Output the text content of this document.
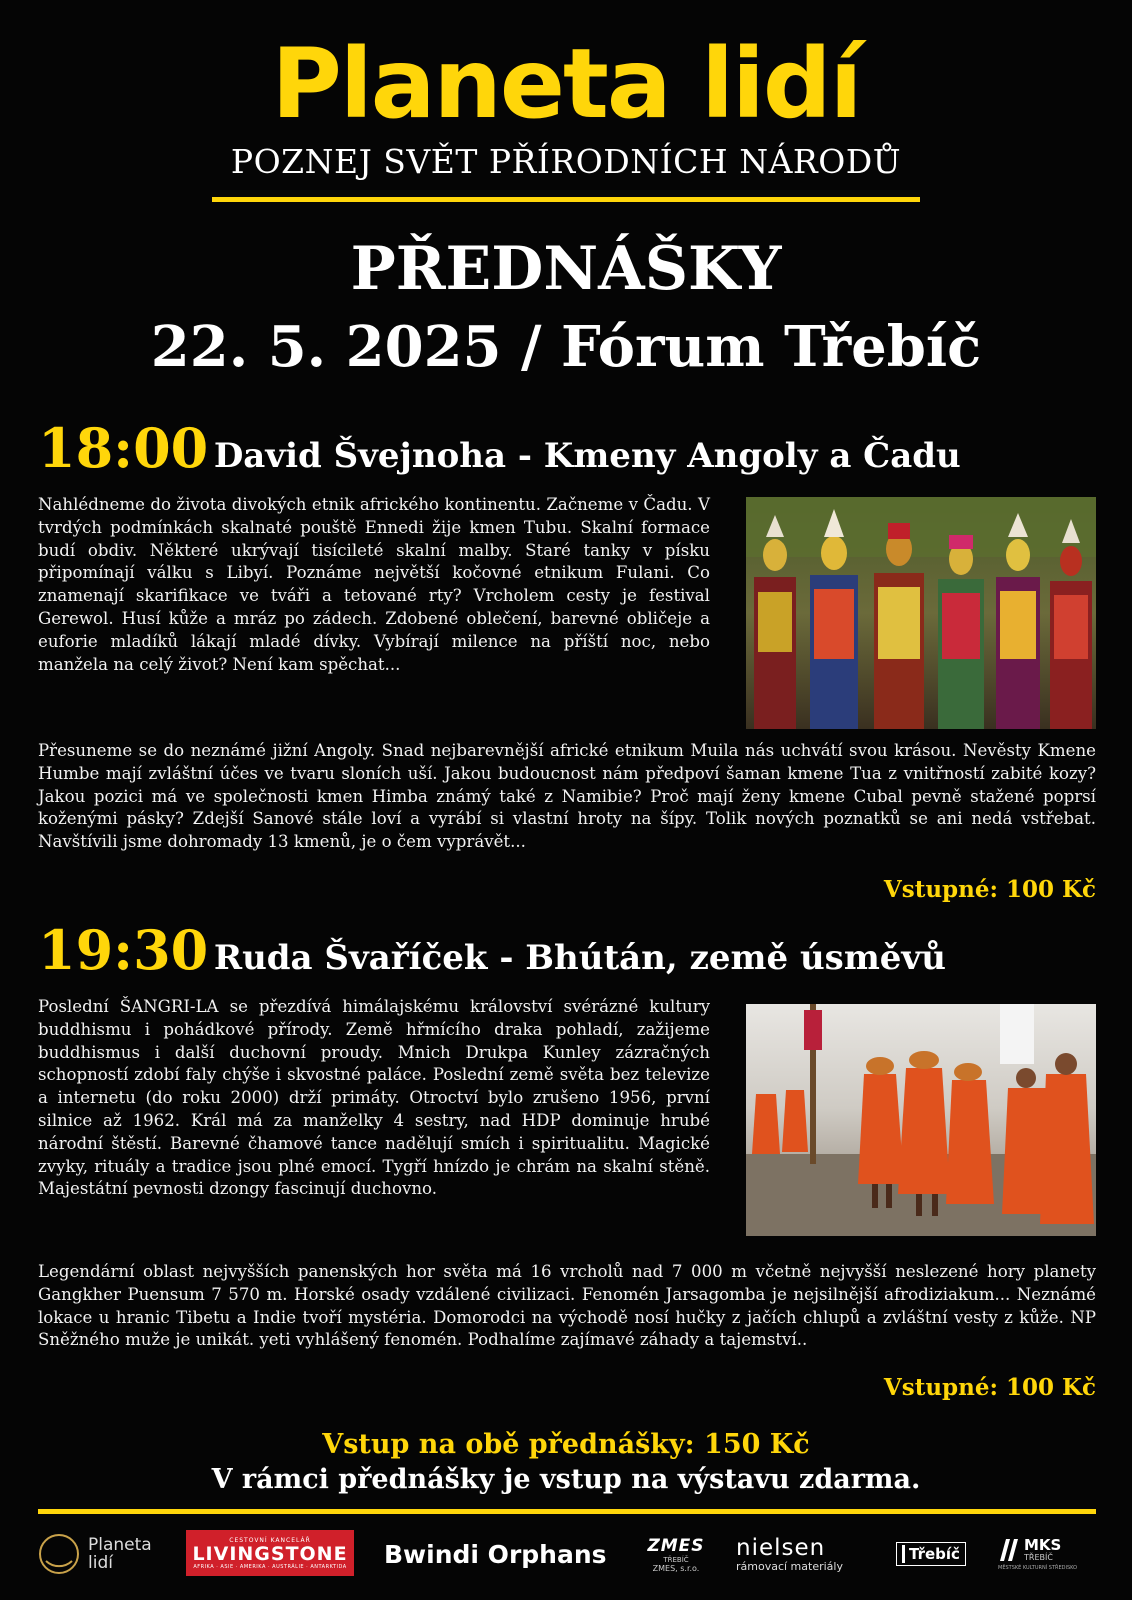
Planeta lidí
POZNEJ SVĚT PŘÍRODNÍCH NÁRODŮ
PŘEDNÁŠKY
22. 5. 2025 / Fórum Třebíč
18:00 David Švejnoha - Kmeny Angoly a Čadu
Nahlédneme do života divokých etnik afrického kontinentu. Začneme v Čadu. V tvrdých podmínkách skalnaté pouště Ennedi žije kmen Tubu. Skalní formace budí obdiv. Některé ukrývají tisícileté skalní malby. Staré tanky v písku připomínají válku s Libyí. Poznáme největší kočovné etnikum Fulani. Co znamenají skarifikace ve tváři a tetované rty? Vrcholem cesty je festival Gerewol. Husí kůže a mráz po zádech. Zdobené oblečení, barevné obličeje a euforie mladíků lákají mladé dívky. Vybírají milence na příští noc, nebo manžela na celý život? Není kam spěchat...
Přesuneme se do neznámé jižní Angoly. Snad nejbarevnější africké etnikum Muila nás uchvátí svou krásou. Nevěsty Kmene Humbe mají zvláštní účes ve tvaru sloních uší. Jakou budoucnost nám předpoví šaman kmene Tua z vnitřností zabité kozy? Jakou pozici má ve společnosti kmen Himba známý také z Namibie? Proč mají ženy kmene Cubal pevně stažené poprsí koženými pásky? Zdejší Sanové stále loví a vyrábí si vlastní hroty na šípy. Tolik nových poznatků se ani nedá vstřebat. Navštívili jsme dohromady 13 kmenů, je o čem vyprávět...
Vstupné: 100 Kč
19:30 Ruda Švaříček - Bhútán, země úsměvů
Poslední ŠANGRI-LA se přezdívá himálajskému království svérázné kultury buddhismu i pohádkové přírody. Země hřmícího draka pohladí, zažijeme buddhismus i další duchovní proudy. Mnich Drukpa Kunley zázračných schopností zdobí faly chýše i skvostné paláce. Poslední země světa bez televize a internetu (do roku 2000) drží primáty. Otroctví bylo zrušeno 1956, první silnice až 1962. Král má za manželky 4 sestry, nad HDP dominuje hrubé národní štěstí. Barevné čhamové tance nadělují smích i spiritualitu. Magické zvyky, rituály a tradice jsou plné emocí. Tygří hnízdo je chrám na skalní stěně. Majestátní pevnosti dzongy fascinují duchovno.
Legendární oblast nejvyšších panenských hor světa má 16 vrcholů nad 7 000 m včetně nejvyšší neslezené hory planety Gangkher Puensum 7 570 m. Horské osady vzdálené civilizaci. Fenomén Jarsagomba je nejsilnější afrodiziakum... Neznámé lokace u hranic Tibetu a Indie tvoří mystéria. Domorodci na východě nosí hučky z jačích chlupů a zvláštní vesty z kůže. NP Sněžného muže je unikát. yeti vyhlášený fenomén. Podhalíme zajímavé záhady a tajemství..
Vstupné: 100 Kč
Vstup na obě přednášky: 150 Kč
V rámci přednášky je vstup na výstavu zdarma.
Planeta
lidí
CESTOVNÍ KANCELÁŘ
LIVINGSTONE
AFRIKA · ASIE · AMERIKA · AUSTRÁLIE · ANTARKTIDA Bwindi Orphans ZMES
TŘEBÍČ
ZMES, s.r.o.
nielsen
rámovací materiály
Třebíč	MKS
TŘEBÍČ
MĚSTSKÉ KULTURNÍ STŘEDISKO
